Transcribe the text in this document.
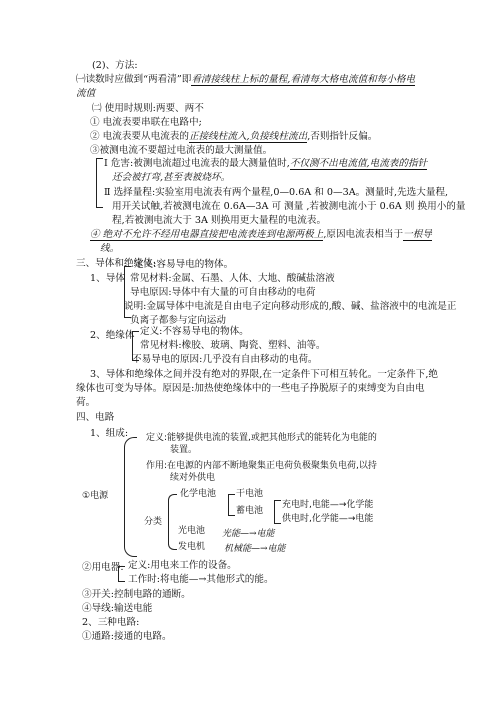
(2)、方法:
㈠读数时应做到“两看清”即看清接线柱上标的量程,看清每大格电流值和每小格电
流值
㈡ 使用时规则:两要、两不
① 电流表要串联在电路中;
② 电流表要从电流表的正接线柱流入,负接线柱流出,否则指针反偏。
③被测电流不要超过电流表的最大测量值。
Ⅰ 危害:被测电流超过电流表的最大测量值时,不仅测不出电流值,电流表的指针
还会被打弯,甚至表被烧坏。
Ⅱ 选择量程:实验室用电流表有两个量程,0—0.6A 和 0—3A。测量时,先选大量程,
用开关试触,若被测电流在 0.6A—3A 可 测量 ,若被测电流小于 0.6A 则 换用小的量
程,若被测电流大于 3A 则换用更大量程的电流表。
④ 绝对不允许不经用电器直接把电流表连到电源两极上,原因电流表相当于一根导
线。
三、导体和绝缘体:
1、导体
定义:容易导电的物体。
常见材料:金属、石墨、人体、大地、酸碱盐溶液
导电原因:导体中有大量的可自由移动的电荷
说明:金属导体中电流是自由电子定向移动形成的,酸、碱、盐溶液中的电流是正
负离子都参与定向运动
2、绝缘体 定义:不容易导电的物体。
常见材料:橡胶、玻璃、陶瓷、塑料、油等。
不易导电的原因:几乎没有自由移动的电荷。
3、导体和绝缘体之间并没有绝对的界限,在一定条件下可相互转化。一定条件下,绝
缘体也可变为导体。原因是:加热使绝缘体中的一些电子挣脱原子的束缚变为自由电
荷。
四、电路
1、组成:
①电源
定义:能够提供电流的装置,或把其他形式的能转化为电能的
装置。
作用:在电源的内部不断地聚集正电荷负极聚集负电荷,以持
续对外供电
分类
化学电池
光电池
发电机
干电池
蓄电池
充电时,电能—→化学能
供电时,化学能—→电能
光能—→电能
机械能—→电能
②用电器: 定义:用电来工作的设备。
工作时:将电能—→其他形式的能。
③开关:控制电路的通断。
④导线:输送电能
2、三种电路:
①通路:接通的电路。
